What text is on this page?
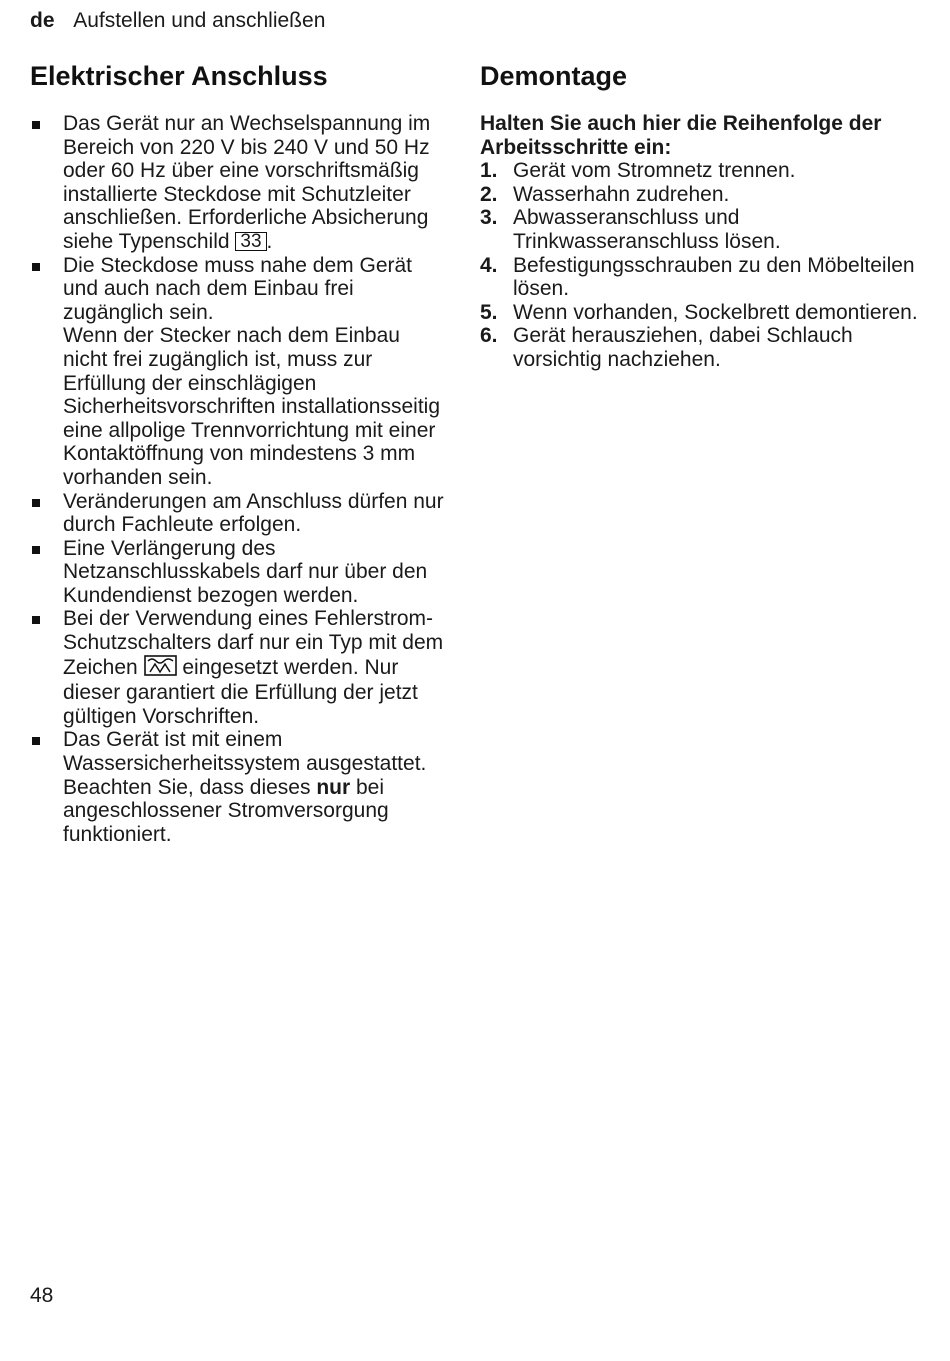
de Aufstellen und anschließen
Elektrischer Anschluss
Das Gerät nur an Wechselspannung im Bereich von 220 V bis 240 V und 50 Hz oder 60 Hz über eine vorschriftsmäßig installierte Steckdose mit Schutzleiter anschließen. Erforderliche Absicherung siehe Typenschild 33 .
Die Steckdose muss nahe dem Gerät und auch nach dem Einbau frei zugänglich sein.
Wenn der Stecker nach dem Einbau nicht frei zugänglich ist, muss zur Erfüllung der einschlägigen Sicherheitsvorschriften installationsseitig eine allpolige Trennvorrichtung mit einer Kontaktöffnung von mindestens 3 mm vorhanden sein.
Veränderungen am Anschluss dürfen nur durch Fachleute erfolgen.
Eine Verlängerung des Netzanschlusskabels darf nur über den Kundendienst bezogen werden.
Bei der Verwendung eines Fehlerstrom-Schutzschalters darf nur ein Typ mit dem Zeichen  eingesetzt werden. Nur dieser garantiert die Erfüllung der jetzt gültigen Vorschriften.
Das Gerät ist mit einem Wassersicherheitssystem ausgestattet. Beachten Sie, dass dieses nur bei angeschlossener Stromversorgung funktioniert.
Demontage
Halten Sie auch hier die Reihenfolge der Arbeitsschritte ein:
1. Gerät vom Stromnetz trennen.
2. Wasserhahn zudrehen.
3. Abwasseranschluss und Trinkwasseranschluss lösen.
4. Befestigungsschrauben zu den Möbelteilen lösen.
5. Wenn vorhanden, Sockelbrett demontieren.
6. Gerät herausziehen, dabei Schlauch vorsichtig nachziehen.
48
